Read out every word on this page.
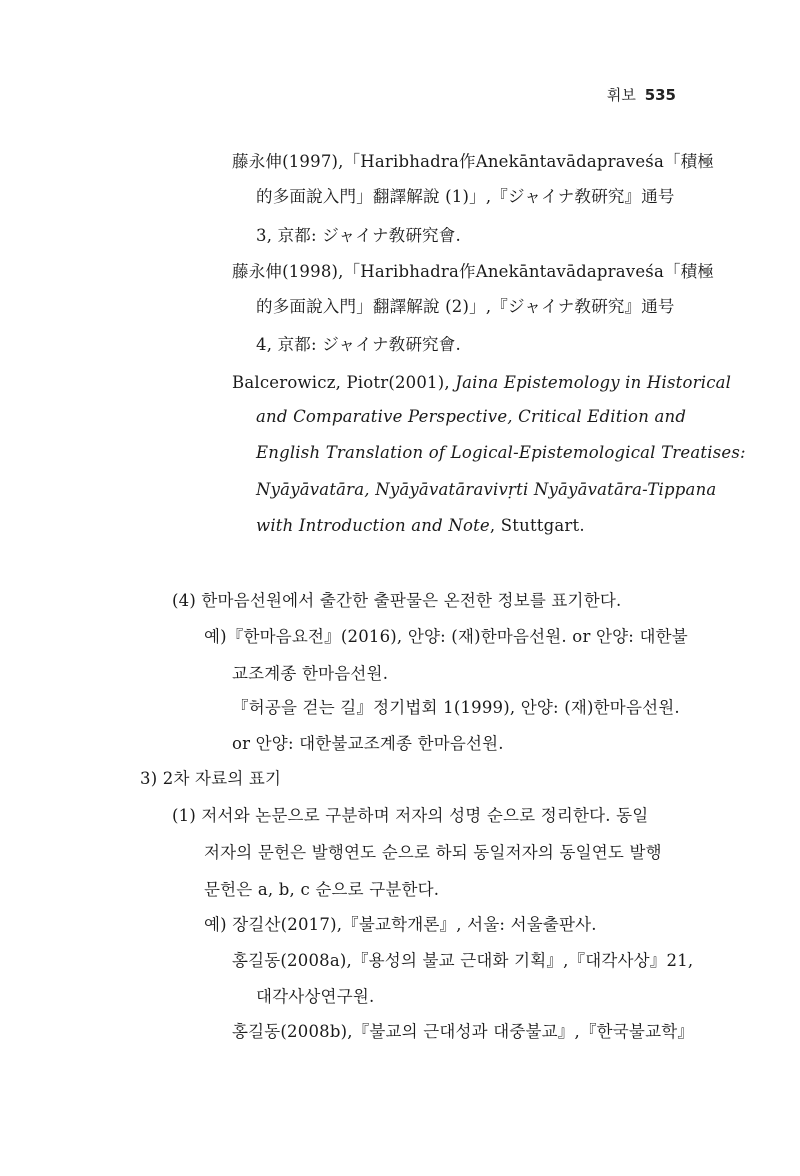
휘보 535
藤永伸(1997),「Haribhadra作Anekāntavādapraveśa「積極
的多面說入門」翻譯解說 (1)」,『ジャイナ敎硏究』通号
3, 京都: ジャイナ敎硏究會.
藤永伸(1998),「Haribhadra作Anekāntavādapraveśa「積極
的多面說入門」翻譯解說 (2)」,『ジャイナ敎硏究』通号
4, 京都: ジャイナ敎硏究會.
Balcerowicz, Piotr(2001), Jaina Epistemology in Historical
and Comparative Perspective, Critical Edition and
English Translation of Logical-Epistemological Treatises:
Nyāyāvatāra, Nyāyāvatāravivṛti Nyāyāvatāra-Tippana
with Introduction and Note, Stuttgart.
(4) 한마음선원에서 출간한 출판물은 온전한 정보를 표기한다.
예)『한마음요전』(2016), 안양: (재)한마음선원. or 안양: 대한불
교조계종 한마음선원.
『허공을 걷는 길』정기법회 1(1999), 안양: (재)한마음선원.
or 안양: 대한불교조계종 한마음선원.
3) 2차 자료의 표기
(1) 저서와 논문으로 구분하며 저자의 성명 순으로 정리한다. 동일
저자의 문헌은 발행연도 순으로 하되 동일저자의 동일연도 발행
문헌은 a, b, c 순으로 구분한다.
예) 장길산(2017),『불교학개론』, 서울: 서울출판사.
홍길동(2008a),『용성의 불교 근대화 기획』,『대각사상』21,
대각사상연구원.
홍길동(2008b),『불교의 근대성과 대중불교』,『한국불교학』
